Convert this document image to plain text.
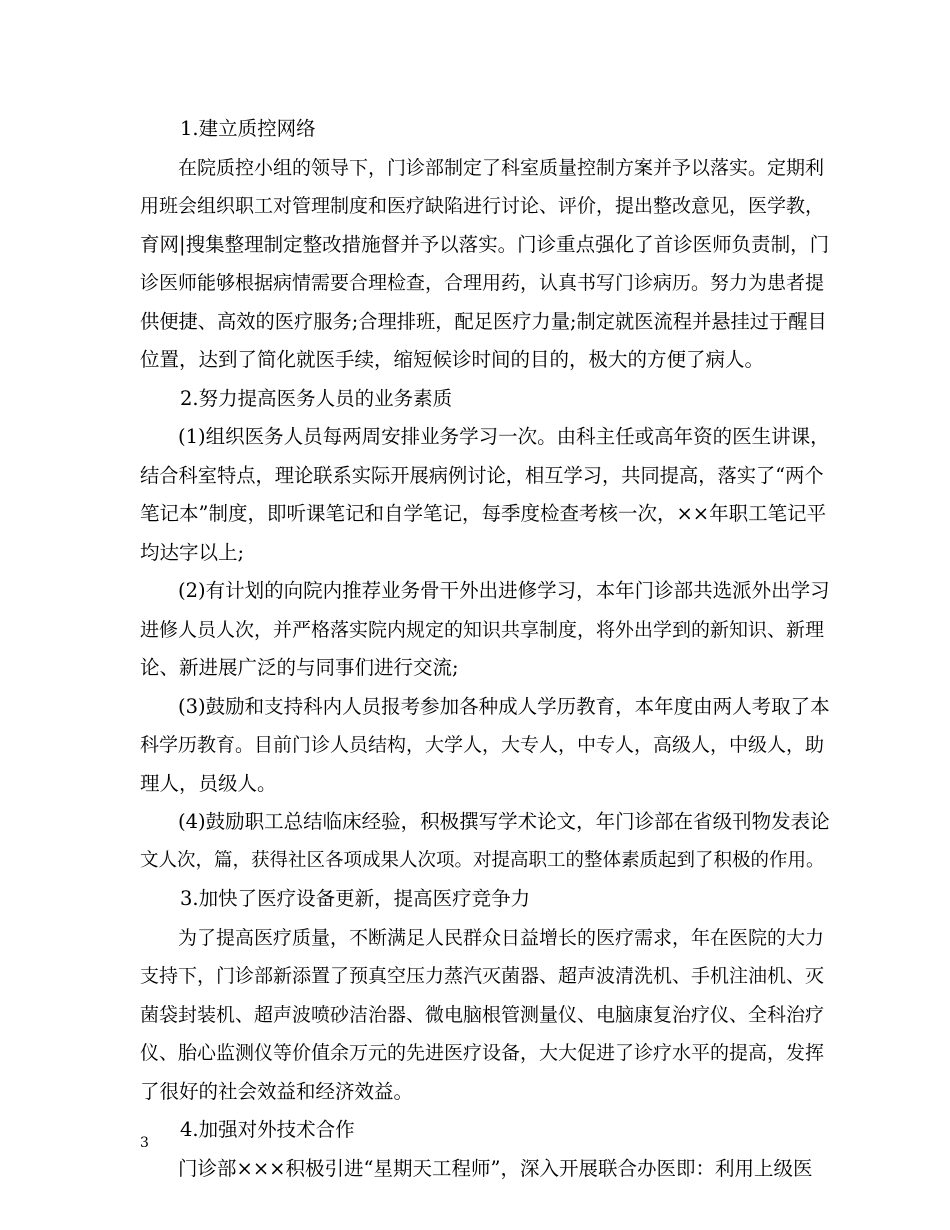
1.建立质控网络
在院质控小组的领导下，门诊部制定了科室质量控制方案并予以落实。定期利
用班会组织职工对管理制度和医疗缺陷进行讨论、评价，提出整改意见，医学教，
育网|搜集整理制定整改措施督并予以落实。门诊重点强化了首诊医师负责制，门
诊医师能够根据病情需要合理检查，合理用药，认真书写门诊病历。努力为患者提
供便捷、高效的医疗服务;合理排班，配足医疗力量;制定就医流程并悬挂过于醒目
位置，达到了简化就医手续，缩短候诊时间的目的，极大的方便了病人。
2.努力提高医务人员的业务素质
(1)组织医务人员每两周安排业务学习一次。由科主任或高年资的医生讲课，
结合科室特点，理论联系实际开展病例讨论，相互学习，共同提高，落实了“两个
笔记本”制度，即听课笔记和自学笔记，每季度检查考核一次，××年职工笔记平
均达字以上;
(2)有计划的向院内推荐业务骨干外出进修学习，本年门诊部共选派外出学习
进修人员人次，并严格落实院内规定的知识共享制度，将外出学到的新知识、新理
论、新进展广泛的与同事们进行交流;
(3)鼓励和支持科内人员报考参加各种成人学历教育，本年度由两人考取了本
科学历教育。目前门诊人员结构，大学人，大专人，中专人，高级人，中级人，助
理人，员级人。
(4)鼓励职工总结临床经验，积极撰写学术论文，年门诊部在省级刊物发表论
文人次，篇，获得社区各项成果人次项。对提高职工的整体素质起到了积极的作用。
3.加快了医疗设备更新，提高医疗竞争力
为了提高医疗质量，不断满足人民群众日益增长的医疗需求，年在医院的大力
支持下，门诊部新添置了预真空压力蒸汽灭菌器、超声波清洗机、手机注油机、灭
菌袋封装机、超声波喷砂洁治器、微电脑根管测量仪、电脑康复治疗仪、全科治疗
仪、胎心监测仪等价值余万元的先进医疗设备，大大促进了诊疗水平的提高，发挥
了很好的社会效益和经济效益。
4.加强对外技术合作
门诊部×××积极引进“星期天工程师”，深入开展联合办医即：利用上级医
3
